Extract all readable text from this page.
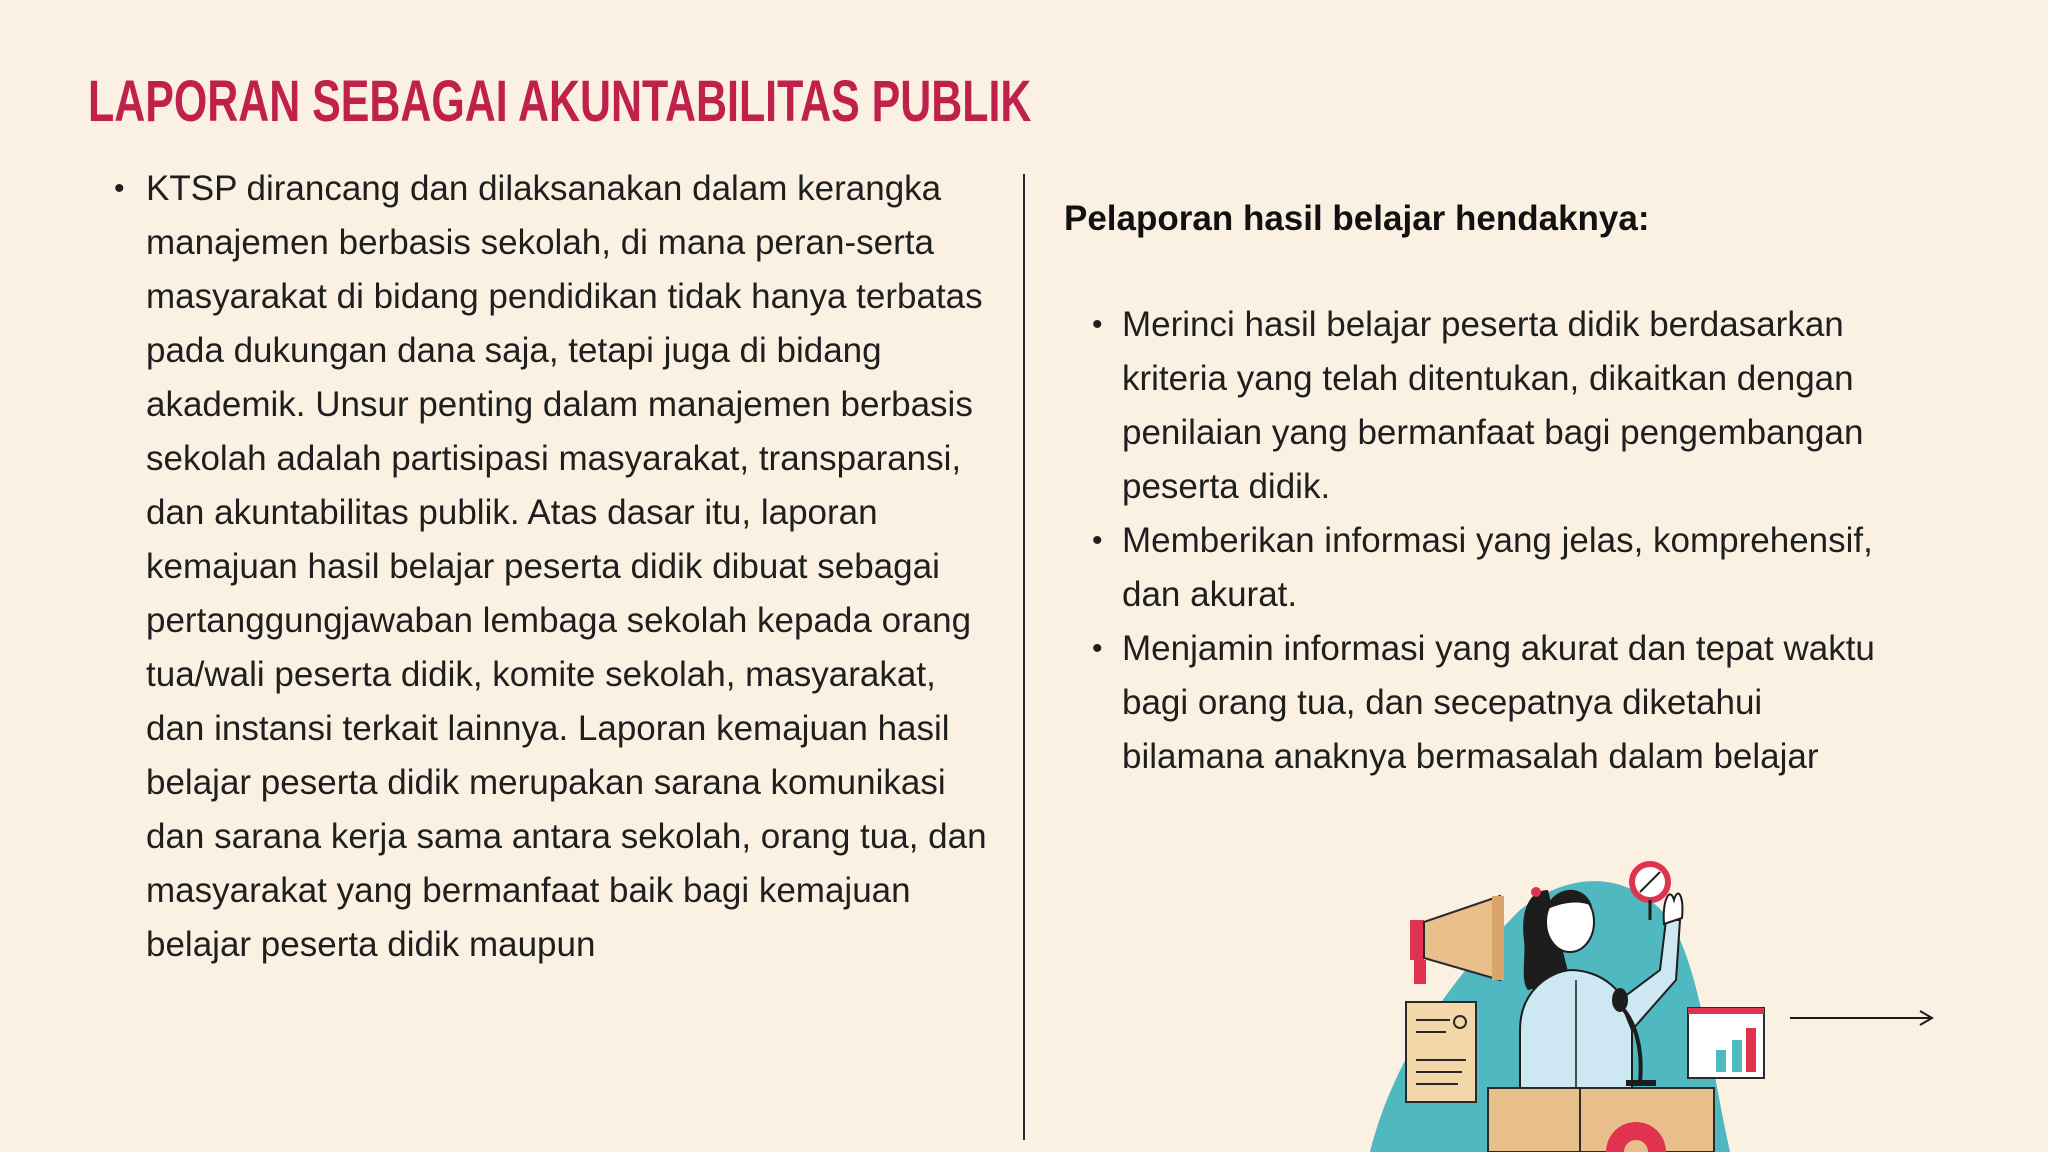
LAPORAN SEBAGAI AKUNTABILITAS PUBLIK
• KTSP dirancang dan dilaksanakan dalam kerangka manajemen berbasis sekolah, di mana peran-serta masyarakat di bidang pendidikan tidak hanya terbatas pada dukungan dana saja, tetapi juga di bidang akademik. Unsur penting dalam manajemen berbasis sekolah adalah partisipasi masyarakat, transparansi, dan akuntabilitas publik. Atas dasar itu, laporan kemajuan hasil belajar peserta didik dibuat sebagai pertanggungjawaban lembaga sekolah kepada orang tua/wali peserta didik, komite sekolah, masyarakat, dan instansi terkait lainnya. Laporan kemajuan hasil belajar peserta didik merupakan sarana komunikasi dan sarana kerja sama antara sekolah, orang tua, dan masyarakat yang bermanfaat baik bagi kemajuan belajar peserta didik maupun

Pelaporan hasil belajar hendaknya:

• Merinci hasil belajar peserta didik berdasarkan kriteria yang telah ditentukan, dikaitkan dengan penilaian yang bermanfaat bagi pengembangan peserta didik.
• Memberikan informasi yang jelas, komprehensif, dan akurat.
• Menjamin informasi yang akurat dan tepat waktu bagi orang tua, dan secepatnya diketahui bilamana anaknya bermasalah dalam belajar
